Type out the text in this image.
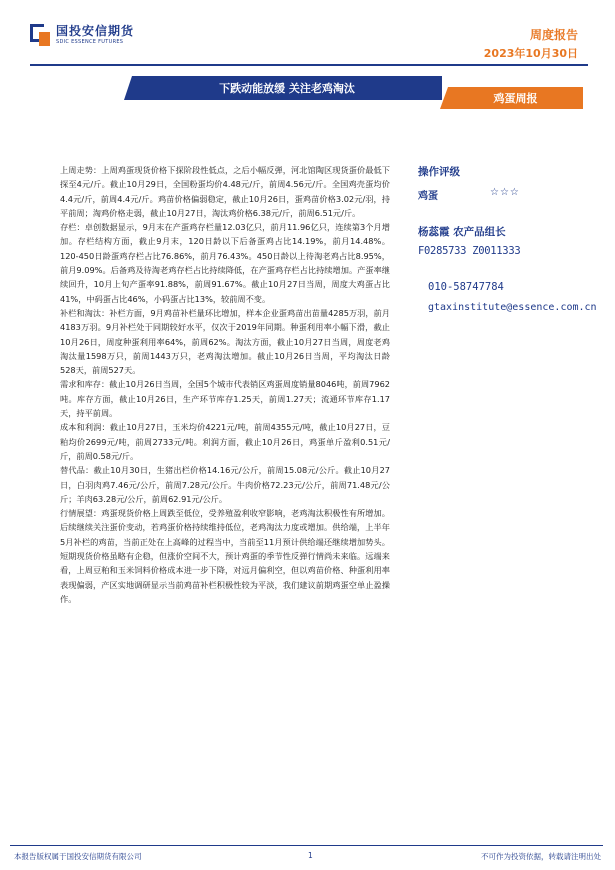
国投安信期货
SDIC ESSENCE FUTURES	周度报告
2023年10月30日
下跌动能放缓 关注老鸡淘汰
鸡蛋周报

上周走势：上周鸡蛋现货价格下探阶段性低点，之后小幅反弹，河北馆陶区现货蛋价最低下探至4元/斤。截止10月29日，全国粉蛋均价4.48元/斤，前周4.56元/斤。全国鸡壳蛋均价4.4元/斤，前周4.4元/斤。鸡苗价格偏弱稳定，截止10月26日，蛋鸡苗价格3.02元/羽，持平前周；淘鸡价格走弱，截止10月27日，淘汰鸡价格6.38元/斤，前周6.51元/斤。

存栏：卓创数据显示，9月末在产蛋鸡存栏量12.03亿只，前月11.96亿只，连续第3个月增加。存栏结构方面，截止9月末，120日龄以下后备蛋鸡占比14.19%，前月14.48%。120-450日龄蛋鸡存栏占比76.86%，前月76.43%。450日龄以上待淘老鸡占比8.95%，前月9.09%。后备鸡及待淘老鸡存栏占比持续降低，在产蛋鸡存栏占比持续增加。产蛋率继续回升，10月上旬产蛋率91.88%，前周91.67%。截止10月27日当周，周度大鸡蛋占比41%，中码蛋占比46%，小码蛋占比13%，较前周不变。

补栏和淘汰：补栏方面，9月鸡苗补栏量环比增加，样本企业蛋鸡苗出苗量4285万羽，前月4183万羽。9月补栏处于同期较好水平，仅次于2019年同期。种蛋利用率小幅下滑，截止10月26日，周度种蛋利用率64%，前周62%。淘汰方面，截止10月27日当周，周度老鸡淘汰量1598万只，前周1443万只，老鸡淘汰增加。截止10月26日当周，平均淘汰日龄528天，前周527天。

需求和库存：截止10月26日当周，全国5个城市代表销区鸡蛋周度销量8046吨，前周7962吨。库存方面，截止10月26日，生产环节库存1.25天，前周1.27天；流通环节库存1.17天，持平前周。

成本和利润：截止10月27日，玉米均价4221元/吨，前周4355元/吨，截止10月27日，豆粕均价2699元/吨，前周2733元/吨。利润方面，截止10月26日，鸡蛋单斤盈利0.51元/斤，前周0.58元/斤。

替代品：截止10月30日，生猪出栏价格14.16元/公斤，前周15.08元/公斤。截止10月27日，白羽肉鸡7.46元/公斤，前周7.28元/公斤。牛肉价格72.23元/公斤，前周71.48元/公斤；羊肉63.28元/公斤，前周62.91元/公斤。

行情展望：鸡蛋现货价格上周跌至低位，受养殖盈利收窄影响，老鸡淘汰积极性有所增加。后续继续关注蛋价变动，若鸡蛋价格持续维持低位，老鸡淘汰力度或增加。供给端，上半年5月补栏的鸡苗，当前正处在上高峰的过程当中，当前至11月预计供给端还继续增加势头。短期现货价格虽略有企稳，但涨价空间不大，预计鸡蛋的季节性反弹行情尚未来临。远端来看，上周豆粕和玉米饲料价格成本进一步下降，对远月偏利空，但以鸡苗价格、种蛋利用率表现偏弱，产区实地调研显示当前鸡苗补栏积极性较为平淡，我们建议前期鸡蛋空单止盈操作。

操作评级
鸡蛋	☆☆☆
杨蕊霞 农产品组长
F0285733 Z0011333
010-58747784
gtaxinstitute@essence.com.cn
本报告版权属于国投安信期货有限公司	1	不可作为投资依据，转载请注明出处
